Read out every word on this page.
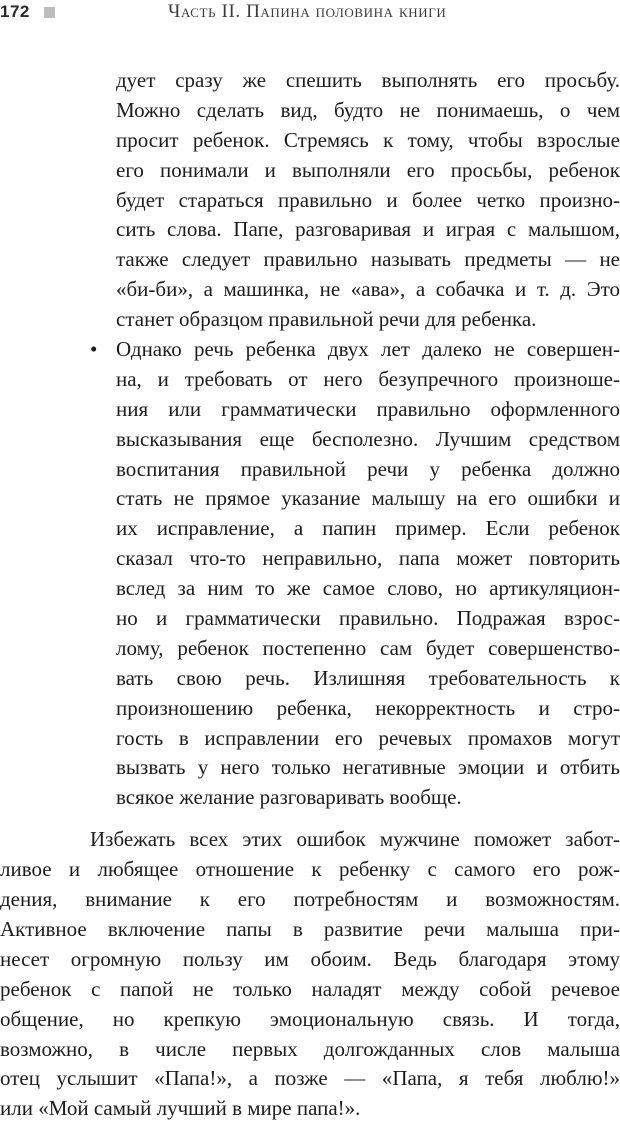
172	Часть II. Папина половина книги
дует сразу же спешить выполнять его просьбу.
Можно сделать вид, будто не понимаешь, о чем
просит ребенок. Стремясь к тому, чтобы взрослые
его понимали и выполняли его просьбы, ребенок
будет стараться правильно и более четко произно-
сить слова. Папе, разговаривая и играя с малышом,
также следует правильно называть предметы — не
«би-би», а машинка, не «ава», а собачка и т. д. Это
станет образцом правильной речи для ребенка.
• Однако речь ребенка двух лет далеко не совершен-
на, и требовать от него безупречного произноше-
ния или грамматически правильно оформленного
высказывания еще бесполезно. Лучшим средством
воспитания правильной речи у ребенка должно
стать не прямое указание малышу на его ошибки и
их исправление, а папин пример. Если ребенок
сказал что-то неправильно, папа может повторить
вслед за ним то же самое слово, но артикуляцион-
но и грамматически правильно. Подражая взрос-
лому, ребенок постепенно сам будет совершенство-
вать свою речь. Излишняя требовательность к
произношению ребенка, некорректность и стро-
гость в исправлении его речевых промахов могут
вызвать у него только негативные эмоции и отбить
всякое желание разговаривать вообще.
Избежать всех этих ошибок мужчине поможет забот-
ливое и любящее отношение к ребенку с самого его рож-
дения, внимание к его потребностям и возможностям.
Активное включение папы в развитие речи малыша при-
несет огромную пользу им обоим. Ведь благодаря этому
ребенок с папой не только наладят между собой речевое
общение, но крепкую эмоциональную связь. И тогда,
возможно, в числе первых долгожданных слов малыша
отец услышит «Папа!», а позже — «Папа, я тебя люблю!»
или «Мой самый лучший в мире папа!».
